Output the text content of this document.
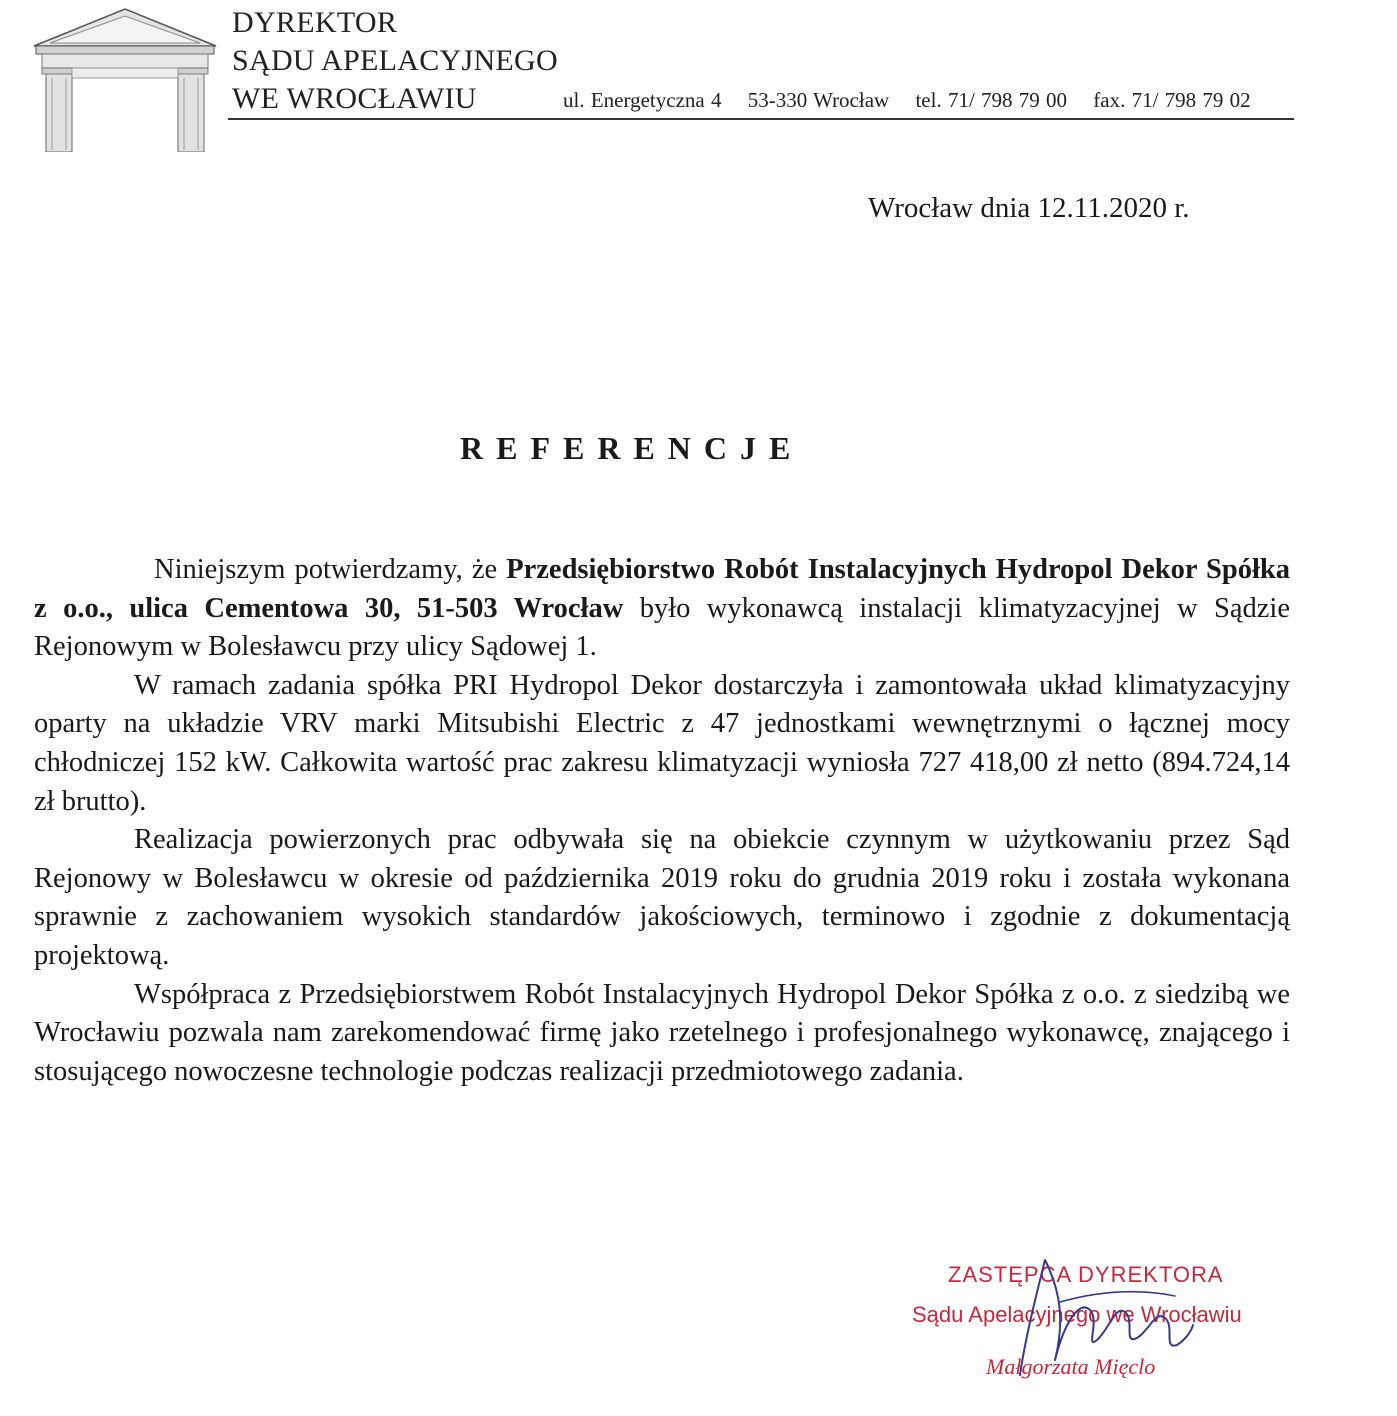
DYREKTOR
SĄDU APELACYJNEGO
WE WROCŁAWIU	ul. Energetyczna 4 53-330 Wrocław tel. 71/ 798 79 00 fax. 71/ 798 79 02
Wrocław dnia 12.11.2020 r.
REFERENCJE

Niniejszym potwierdzamy, że Przedsiębiorstwo Robót Instalacyjnych Hydropol Dekor Spółka z o.o., ulica Cementowa 30, 51-503 Wrocław było wykonawcą instalacji klimatyzacyjnej w Sądzie Rejonowym w Bolesławcu przy ulicy Sądowej 1.

W ramach zadania spółka PRI Hydropol Dekor dostarczyła i zamontowała układ klimatyzacyjny oparty na układzie VRV marki Mitsubishi Electric z 47 jednostkami wewnętrznymi o łącznej mocy chłodniczej 152 kW. Całkowita wartość prac zakresu klimatyzacji wyniosła 727 418,00 zł netto (894.724,14 zł brutto).

Realizacja powierzonych prac odbywała się na obiekcie czynnym w użytkowaniu przez Sąd Rejonowy w Bolesławcu w okresie od października 2019 roku do grudnia 2019 roku i została wykonana sprawnie z zachowaniem wysokich standardów jakościowych, terminowo i zgodnie z dokumentacją projektową.

Współpraca z Przedsiębiorstwem Robót Instalacyjnych Hydropol Dekor Spółka z o.o. z siedzibą we Wrocławiu pozwala nam zarekomendować firmę jako rzetelnego i profesjonalnego wykonawcę, znającego i stosującego nowoczesne technologie podczas realizacji przedmiotowego zadania.

ZASTĘPCA DYREKTORA
Sądu Apelacyjnego we Wrocławiu
Małgorzata Mięclo
